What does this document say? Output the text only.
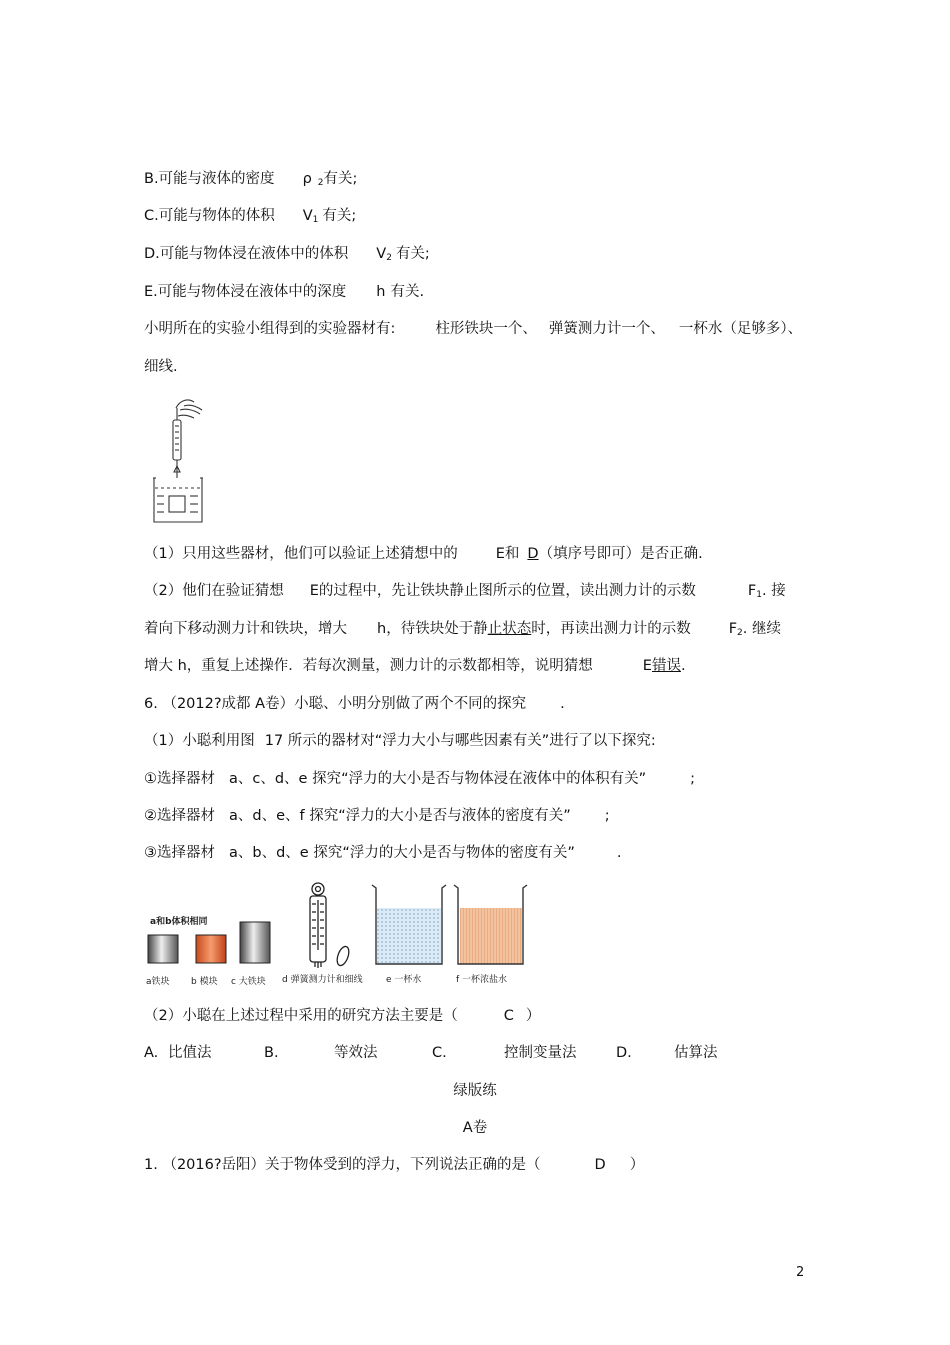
B.可能与液体的密度 ρ $_2$有关;
C.可能与物体的体积 $V_1$ 有关;
D.可能与物体浸在液体中的体积 $V_2$ 有关;
E.可能与物体浸在液体中的深度 h 有关.
小明所在的实验小组得到的实验器材有:	柱形铁块一个、 弹簧测力计一个、 一杯水（足够多）、
细线.
（1）只用这些器材，他们可以验证上述猜想中的	E和 D（填序号即可）是否正确.
（2）他们在验证猜想 E的过程中，先让铁块静止图所示的位置，读出测力计的示数	$F_1$. 接
着向下移动测力计和铁块，增大 h，待铁块处于静止状态时，再读出测力计的示数	$F_2$. 继续
增大 h，重复上述操作．若每次测量，测力计的示数都相等，说明猜想	E错误.
6. （2012?成都 A卷）小聪、小明分别做了两个不同的探究 .
（1）小聪利用图 17 所示的器材对“浮力大小与哪些因素有关”进行了以下探究:
①选择器材 a、c、d、e 探究“浮力的大小是否与物体浸在液体中的体积有关”	;
②选择器材 a、d、e、f 探究“浮力的大小是否与液体的密度有关” ;
③选择器材 a、b、d、e 探究“浮力的大小是否与物体的密度有关”	.
a和b体积相同
a铁块 b 模块 c 大铁块 d 弹簧测力计和细线	e 一杯水	f 一杯浓盐水
（2）小聪在上述过程中采用的研究方法主要是（	C ）
A. 比值法	B.	等效法	C.	控制变量法	D.	估算法
绿版练
A卷
1. （2016?岳阳）关于物体受到的浮力，下列说法正确的是（	D ）
2
